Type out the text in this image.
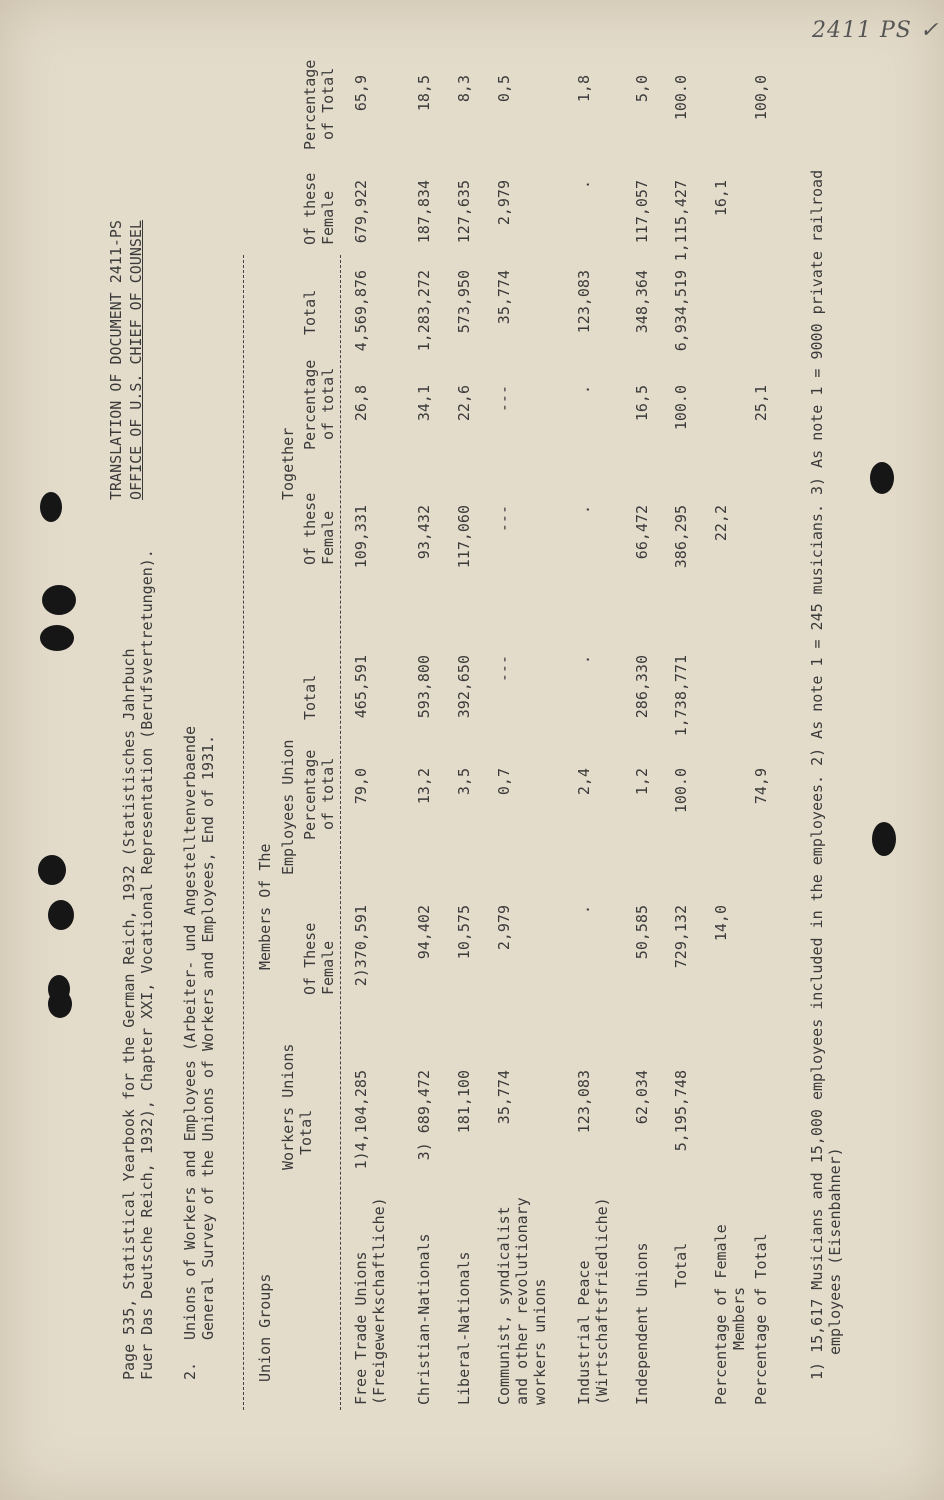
2411 PS ✓
TRANSLATION OF DOCUMENT 2411-PS OFFICE OF U.S. CHIEF OF COUNSEL
Page 535, Statistical Yearbook for the German Reich, 1932 (Statistisches Jahrbuch Fuer Das Deutsche Reich, 1932), Chapter XXI, Vocational Representation (Berufsvertretungen). 2.
Unions of Workers and Employees (Arbeiter- und Angestelltenverbaende General Survey of the Unions of Workers and Employees, End of 1931.	Union Groups
Members Of The
Workers Unions
Employees Union
Together
Total
Of These Female
Percentage of total
Total
Of these Female
Percentage of total
Total
Of these Female
Percentage of Total
Free Trade Unions (Freigewerkschaftliche)
1)4,104,285
2)370,591
79,0
465,591
109,331
26,8
4,569,876
679,922
65,9
Christian-Nationals
3) 689,472
94,402
13,2
593,800
93,432
34,1
1,283,272
187,834
18,5
Liberal-Nationals
181,100
10,575
3,5
392,650
117,060
22,6
573,950
127,635
8,3
Communist, syndicalist and other revolutionary workers unions
35,774
2,979
0,7
---
---
---
35,774
2,979
0,5
Industrial Peace (Wirtschaftsfriedliche)
123,083
.
2,4
.
.
.
123,083
.
1,8
Independent Unions
62,034
50,585
1,2
286,330
66,472
16,5
348,364
117,057
5,0
Total
5,195,748
729,132
100.0
1,738,771
386,295
100.0
6,934,519
1,115,427
100.0
Percentage of Female Members
14,0
22,2
16,1
Percentage of Total
74,9
25,1
100,0
1) 15,617 Musicians and 15,000 employees included in the employees. 2) As note 1 = 245 musicians. 3) As note 1 = 9000 private railroad employees (Eisenbahner)
